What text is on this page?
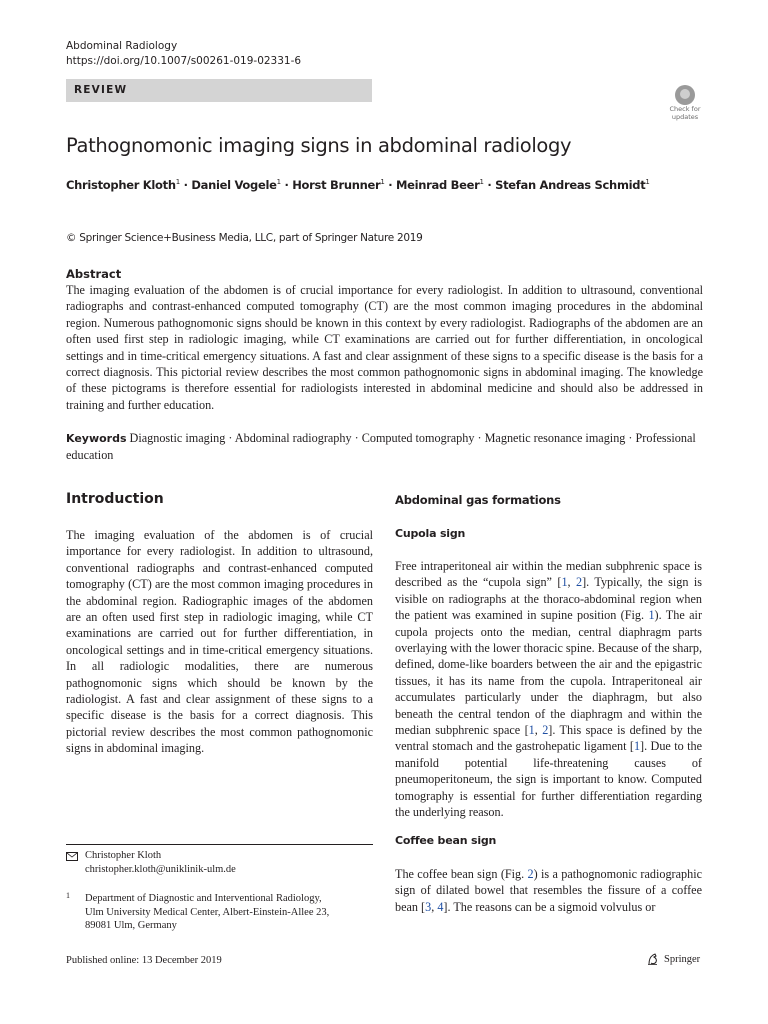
Abdominal Radiology
https://doi.org/10.1007/s00261-019-02331-6
REVIEW
Check for
updates
Pathognomonic imaging signs in abdominal radiology
Christopher Kloth$^1$ · Daniel Vogele$^1$ · Horst Brunner$^1$ · Meinrad Beer$^1$ · Stefan Andreas Schmidt$^1$
© Springer Science+Business Media, LLC, part of Springer Nature 2019
Abstract
The imaging evaluation of the abdomen is of crucial importance for every radiologist. In addition to ultrasound, conventional radiographs and contrast-enhanced computed tomography (CT) are the most common imaging procedures in the abdominal region. Numerous pathognomonic signs should be known in this context by every radiologist. Radiographs of the abdomen are an often used first step in radiologic imaging, while CT examinations are carried out for further differentiation, in oncological settings and in time-critical emergency situations. A fast and clear assignment of these signs to a specific disease is the basis for a correct diagnosis. This pictorial review describes the most common pathognomonic signs in abdominal imaging. The knowledge of these pictograms is therefore essential for radiologists interested in abdominal medicine and should also be addressed in training and further education.
Keywords Diagnostic imaging · Abdominal radiography · Computed tomography · Magnetic resonance imaging · Professional education
Introduction
The imaging evaluation of the abdomen is of crucial importance for every radiologist. In addition to ultrasound, conventional radiographs and contrast-enhanced computed tomography (CT) are the most common imaging procedures in the abdominal region. Radiographic images of the abdomen are an often used first step in radiologic imaging, while CT examinations are carried out for further differentiation, in oncological settings and in time-critical emergency situations. In all radiologic modalities, there are numerous pathognomonic signs which should be known by the radiologist. A fast and clear assignment of these signs to a specific disease is the basis for a correct diagnosis. This pictorial review describes the most common pathognomonic signs in abdominal imaging.
Abdominal gas formations
Cupola sign
Free intraperitoneal air within the median subphrenic space is described as the “cupola sign” [1, 2]. Typically, the sign is visible on radiographs at the thoraco-abdominal region when the patient was examined in supine position (Fig. 1). The air cupola projects onto the median, central diaphragm parts overlaying with the lower thoracic spine. Because of the sharp, defined, dome-like boarders between the air and the epigastric tissues, it has its name from the cupola. Intraperitoneal air accumulates particularly under the diaphragm, but also beneath the central tendon of the diaphragm and within the median subphrenic space [1, 2]. This space is defined by the ventral stomach and the gastrohepatic ligament [1]. Due to the manifold potential life-threatening causes of pneumoperitoneum, the sign is important to know. Computed tomography is essential for further differentiation regarding the underlying reason.
Coffee bean sign
The coffee bean sign (Fig. 2) is a pathognomonic radiographic sign of dilated bowel that resembles the fissure of a coffee bean [3, 4]. The reasons can be a sigmoid volvulus or
Christopher Kloth
christopher.kloth@uniklinik-ulm.de
1 Department of Diagnostic and Interventional Radiology,
Ulm University Medical Center, Albert-Einstein-Allee 23,
89081 Ulm, Germany
Published online: 13 December 2019	Springer
